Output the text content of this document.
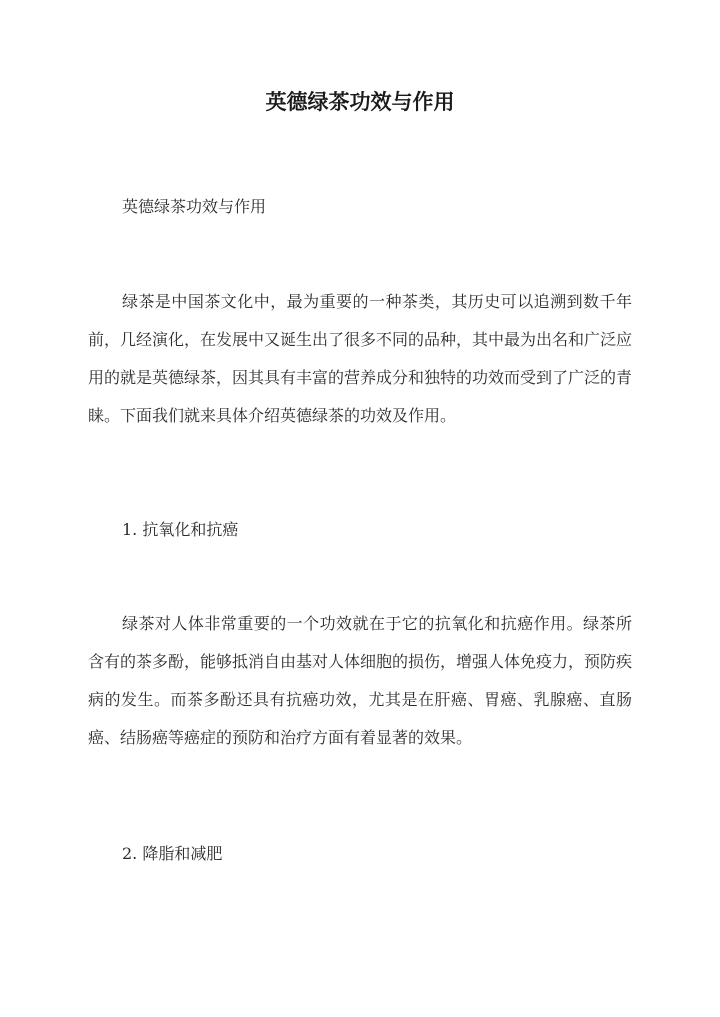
英德绿茶功效与作用
英德绿茶功效与作用
绿茶是中国茶文化中，最为重要的一种茶类，其历史可以追溯到数千年前，几经演化，在发展中又诞生出了很多不同的品种，其中最为出名和广泛应用的就是英德绿茶，因其具有丰富的营养成分和独特的功效而受到了广泛的青睐。下面我们就来具体介绍英德绿茶的功效及作用。
1. 抗氧化和抗癌
绿茶对人体非常重要的一个功效就在于它的抗氧化和抗癌作用。绿茶所含有的茶多酚，能够抵消自由基对人体细胞的损伤，增强人体免疫力，预防疾病的发生。而茶多酚还具有抗癌功效，尤其是在肝癌、胃癌、乳腺癌、直肠癌、结肠癌等癌症的预防和治疗方面有着显著的效果。
2. 降脂和减肥
